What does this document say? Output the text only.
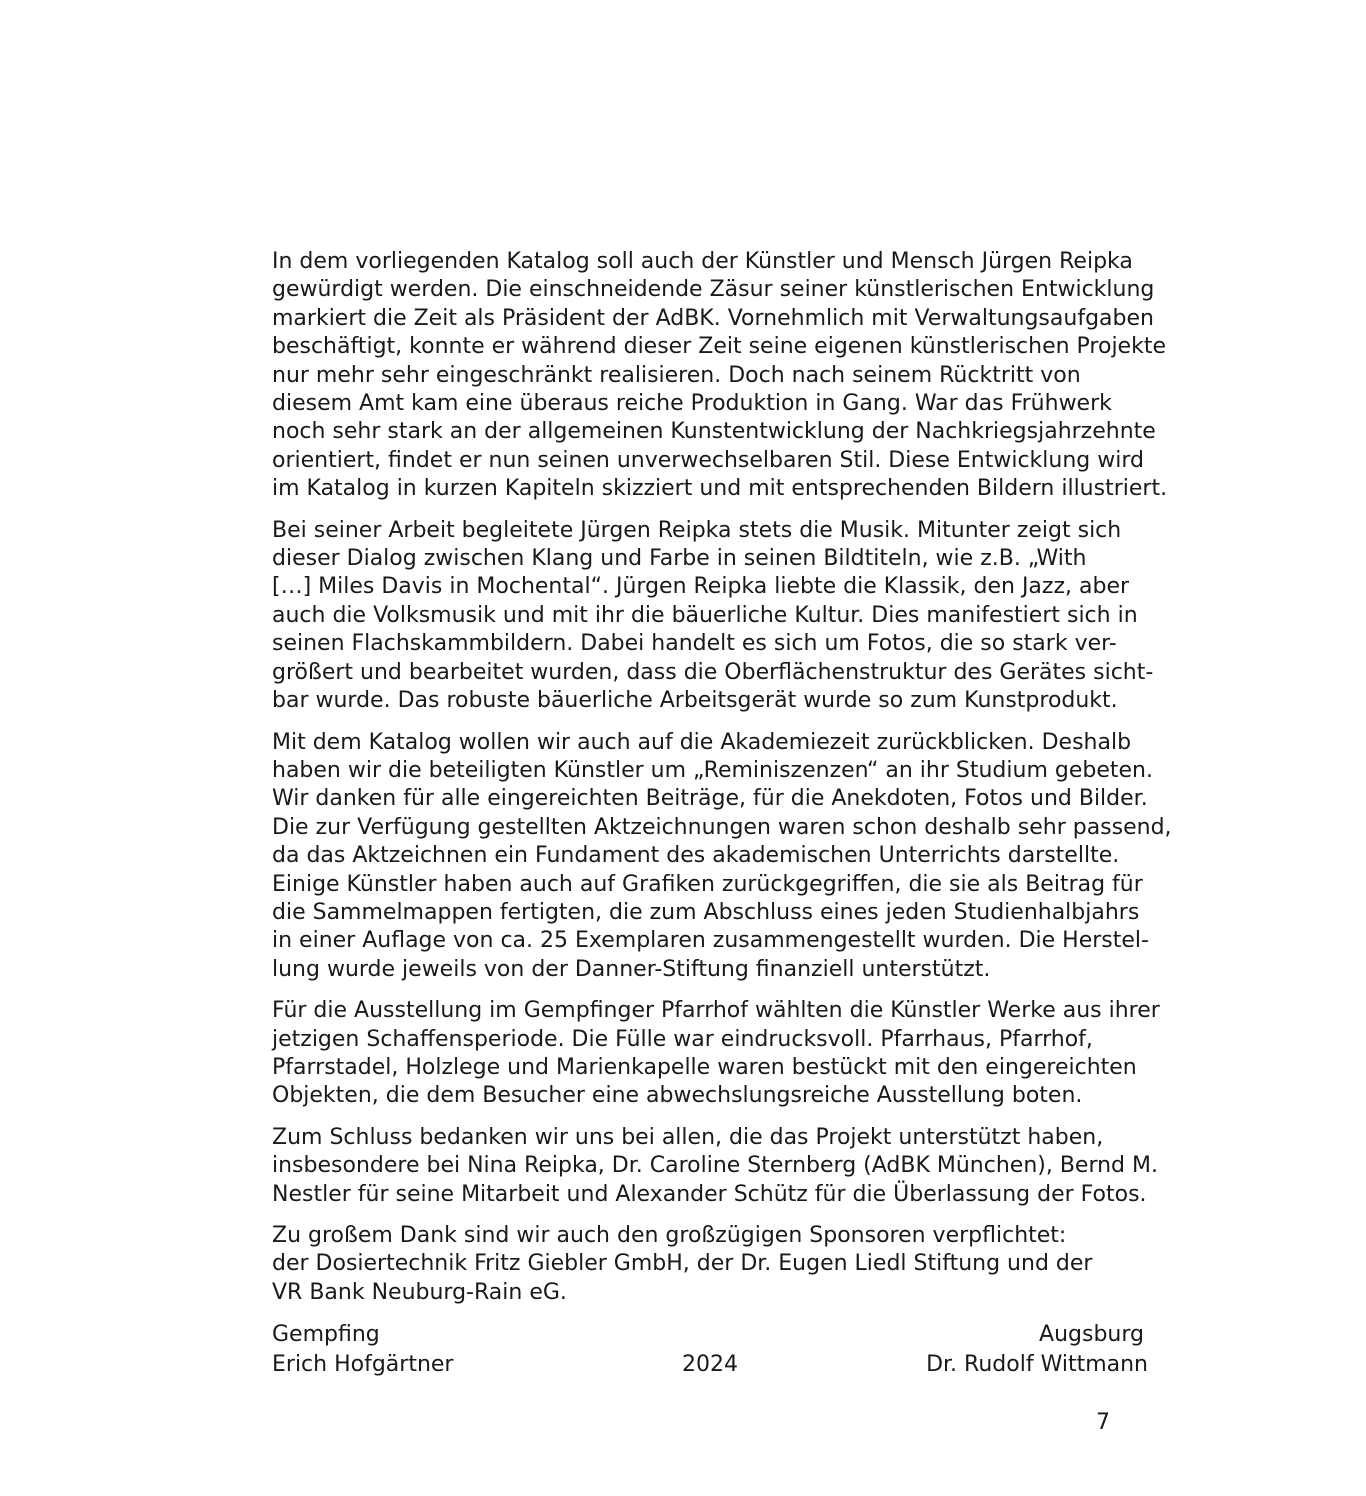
In dem vorliegenden Katalog soll auch der Künstler und Mensch Jürgen Reipka
gewürdigt werden. Die einschneidende Zäsur seiner künstlerischen Entwicklung
markiert die Zeit als Präsident der AdBK. Vornehmlich mit Verwaltungsaufgaben
beschäftigt, konnte er während dieser Zeit seine eigenen künstlerischen Projekte
nur mehr sehr eingeschränkt realisieren. Doch nach seinem Rücktritt von
diesem Amt kam eine überaus reiche Produktion in Gang. War das Frühwerk
noch sehr stark an der allgemeinen Kunstentwicklung der Nachkriegsjahrzehnte
orientiert, findet er nun seinen unverwechselbaren Stil. Diese Entwicklung wird
im Katalog in kurzen Kapiteln skizziert und mit entsprechenden Bildern illustriert.

Bei seiner Arbeit begleitete Jürgen Reipka stets die Musik. Mitunter zeigt sich
dieser Dialog zwischen Klang und Farbe in seinen Bildtiteln, wie z.B. „With
[…] Miles Davis in Mochental“. Jürgen Reipka liebte die Klassik, den Jazz, aber
auch die Volksmusik und mit ihr die bäuerliche Kultur. Dies manifestiert sich in
seinen Flachskammbildern. Dabei handelt es sich um Fotos, die so stark ver-
größert und bearbeitet wurden, dass die Oberflächenstruktur des Gerätes sicht-
bar wurde. Das robuste bäuerliche Arbeitsgerät wurde so zum Kunstprodukt.

Mit dem Katalog wollen wir auch auf die Akademiezeit zurückblicken. Deshalb
haben wir die beteiligten Künstler um „Reminiszenzen“ an ihr Studium gebeten.
Wir danken für alle eingereichten Beiträge, für die Anekdoten, Fotos und Bilder.
Die zur Verfügung gestellten Aktzeichnungen waren schon deshalb sehr passend,
da das Aktzeichnen ein Fundament des akademischen Unterrichts darstellte.
Einige Künstler haben auch auf Grafiken zurückgegriffen, die sie als Beitrag für
die Sammelmappen fertigten, die zum Abschluss eines jeden Studienhalbjahrs
in einer Auflage von ca. 25 Exemplaren zusammengestellt wurden. Die Herstel-
lung wurde jeweils von der Danner-Stiftung finanziell unterstützt.

Für die Ausstellung im Gempfinger Pfarrhof wählten die Künstler Werke aus ihrer
jetzigen Schaffensperiode. Die Fülle war eindrucksvoll. Pfarrhaus, Pfarrhof,
Pfarrstadel, Holzlege und Marienkapelle waren bestückt mit den eingereichten
Objekten, die dem Besucher eine abwechslungsreiche Ausstellung boten.

Zum Schluss bedanken wir uns bei allen, die das Projekt unterstützt haben,
insbesondere bei Nina Reipka, Dr. Caroline Sternberg (AdBK München), Bernd M.
Nestler für seine Mitarbeit und Alexander Schütz für die Überlassung der Fotos.

Zu großem Dank sind wir auch den großzügigen Sponsoren verpflichtet:
der Dosiertechnik Fritz Giebler GmbH, der Dr. Eugen Liedl Stiftung und der
VR Bank Neuburg-Rain eG.

Gempfing
Erich Hofgärtner	2024
Augsburg
Dr. Rudolf Wittmann
7
